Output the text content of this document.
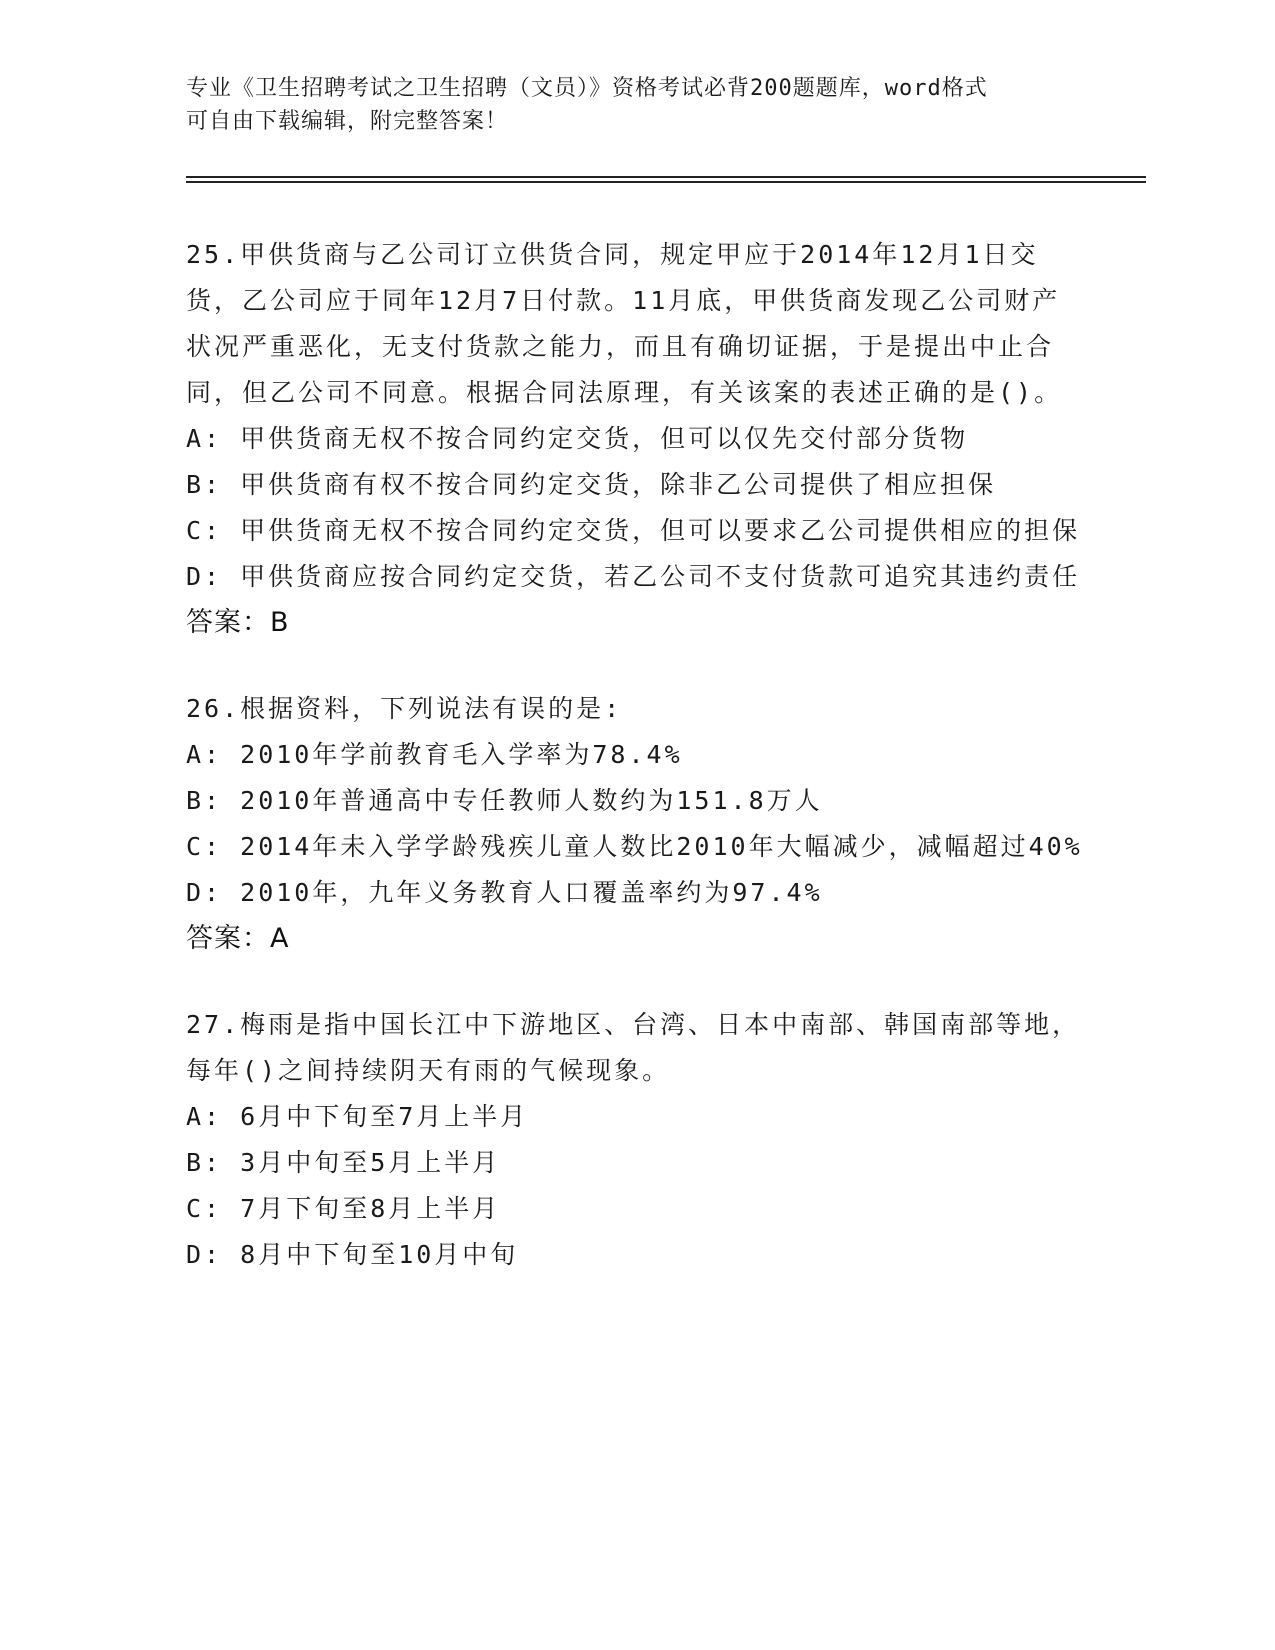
专业《卫生招聘考试之卫生招聘（文员）》资格考试必背200题题库，word格式
可自由下载编辑，附完整答案！
25.甲供货商与乙公司订立供货合同，规定甲应于2014年12月1日交货，乙公司应于同年12月7日付款。11月底，甲供货商发现乙公司财产状况严重恶化，无支付货款之能力，而且有确切证据，于是提出中止合同，但乙公司不同意。根据合同法原理，有关该案的表述正确的是()。
A: 甲供货商无权不按合同约定交货，但可以仅先交付部分货物
B: 甲供货商有权不按合同约定交货，除非乙公司提供了相应担保
C: 甲供货商无权不按合同约定交货，但可以要求乙公司提供相应的担保
D: 甲供货商应按合同约定交货，若乙公司不支付货款可追究其违约责任
答案：B
26.根据资料，下列说法有误的是:
A: 2010年学前教育毛入学率为78.4%
B: 2010年普通高中专任教师人数约为151.8万人
C: 2014年未入学学龄残疾儿童人数比2010年大幅减少，减幅超过40%
D: 2010年，九年义务教育人口覆盖率约为97.4%
答案：A
27.梅雨是指中国长江中下游地区、台湾、日本中南部、韩国南部等地，每年()之间持续阴天有雨的气候现象。
A: 6月中下旬至7月上半月
B: 3月中旬至5月上半月
C: 7月下旬至8月上半月
D: 8月中下旬至10月中旬
